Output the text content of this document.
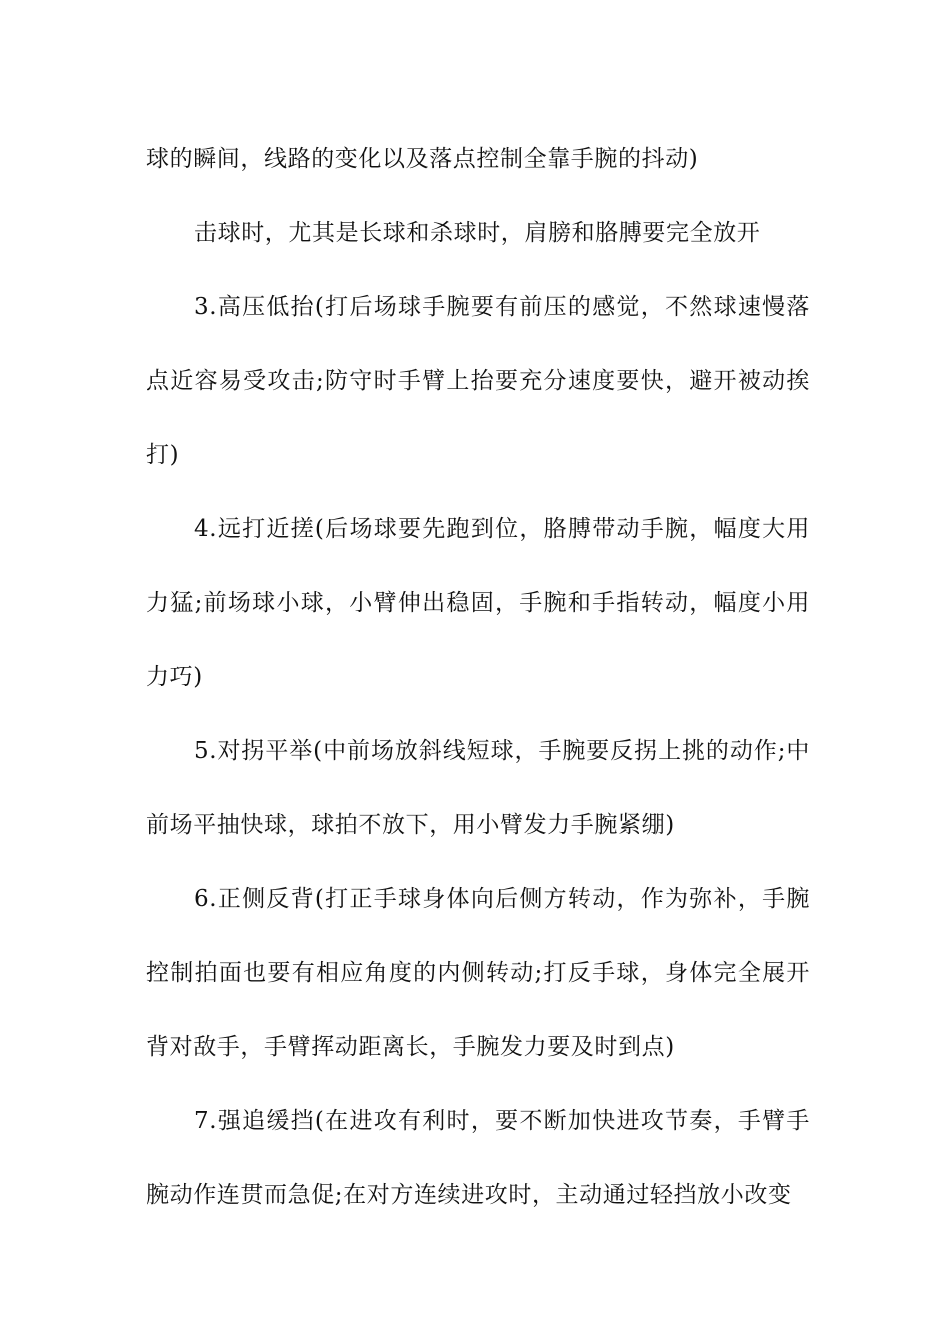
球的瞬间，线路的变化以及落点控制全靠手腕的抖动)

击球时，尤其是长球和杀球时，肩膀和胳膊要完全放开

3.高压低抬(打后场球手腕要有前压的感觉，不然球速慢落点近容易受攻击;防守时手臂上抬要充分速度要快，避开被动挨打)

4.远打近搓(后场球要先跑到位，胳膊带动手腕，幅度大用力猛;前场球小球，小臂伸出稳固，手腕和手指转动，幅度小用力巧)

5.对拐平举(中前场放斜线短球，手腕要反拐上挑的动作;中前场平抽快球，球拍不放下，用小臂发力手腕紧绷)

6.正侧反背(打正手球身体向后侧方转动，作为弥补，手腕控制拍面也要有相应角度的内侧转动;打反手球，身体完全展开背对敌手，手臂挥动距离长，手腕发力要及时到点)

7.强追缓挡(在进攻有利时，要不断加快进攻节奏，手臂手腕动作连贯而急促;在对方连续进攻时，主动通过轻挡放小改变
